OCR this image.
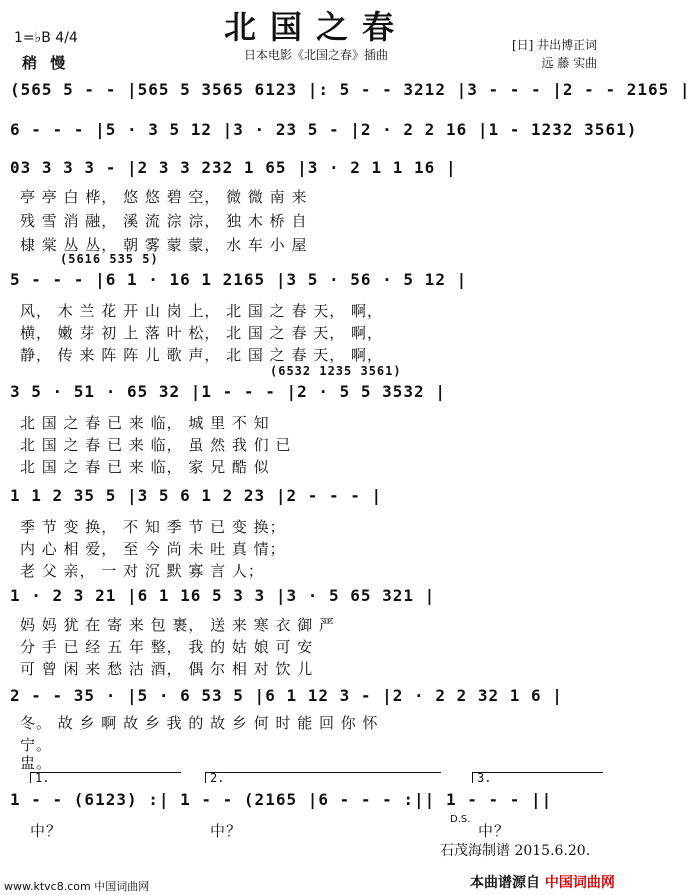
北国之春
日本电影《北国之春》插曲
1=♭B 4/4
稍 慢
[日] 井出博正词
远 藤 实曲
(565 5 - - |565 5 3565 6123 |: 5 - - 3212 |3 - - - |2 - - 2165 |
6 - - - |5 · 3 5 12 |3 · 23 5 - |2 · 2 2 16 |1 - 1232 3561)
03 3 3 3 - |2 3 3 232 1 65 |3 · 2 1 1 16 |
亭 亭 白 桦， 悠 悠 碧 空， 微 微 南 来
残 雪 消 融， 溪 流 淙 淙， 独 木 桥 自
棣 棠 丛 丛， 朝 雾 蒙 蒙， 水 车 小 屋
(5616 535 5)
5 - - - |6 1 · 16 1 2165 |3 5 · 56 · 5 12 |
风， 木 兰 花 开 山 岗 上， 北 国 之 春 天， 啊，
横， 嫩 芽 初 上 落 叶 松， 北 国 之 春 天， 啊，
静， 传 来 阵 阵 儿 歌 声， 北 国 之 春 天， 啊，
(6532 1235 3561)
3 5 · 51 · 65 32 |1 - - - |2 · 5 5 3532 |
北 国 之 春 已 来 临， 城 里 不 知
北 国 之 春 已 来 临， 虽 然 我 们 已
北 国 之 春 已 来 临， 家 兄 酷 似
1 1 2 35 5 |3 5 6 1 2 23 |2 - - - |
季 节 变 换， 不 知 季 节 已 变 换；
内 心 相 爱， 至 今 尚 未 吐 真 情；
老 父 亲， 一 对 沉 默 寡 言 人；
1 · 2 3 21 |6 1 16 5 3 3 |3 · 5 65 321 |
妈 妈 犹 在 寄 来 包 裹， 送 来 寒 衣 御 严
分 手 已 经 五 年 整， 我 的 姑 娘 可 安
可 曾 闲 来 愁 沽 酒， 偶 尔 相 对 饮 儿
2 - - 35 · |5 · 6 53 5 |6 1 12 3 - |2 · 2 2 32 1 6 |
冬。 故 乡 啊 故 乡 我 的 故 乡 何 时 能 回 你 怀
宁。
盅。
1.	2.	3.
1 - - (6123) :| 1 - - (2165 |6 - - - :|| 1 - - - ||
D.S.
中？	中？	中？
石茂海制谱 2015.6.20.
www.ktvc8.com 中国词曲网	本曲谱源自 中国词曲网
